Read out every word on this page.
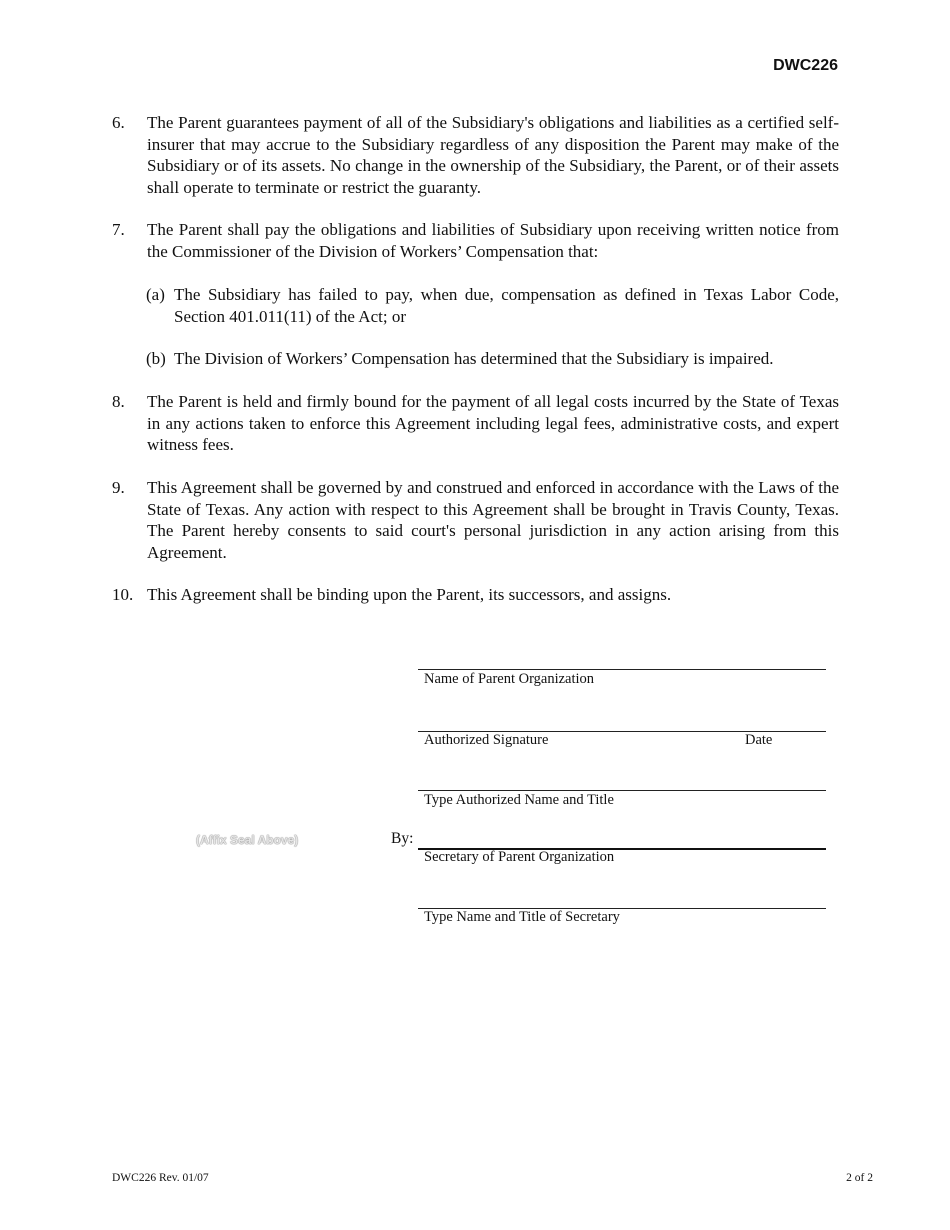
DWC226
6. The Parent guarantees payment of all of the Subsidiary's obligations and liabilities as a certified self-insurer that may accrue to the Subsidiary regardless of any disposition the Parent may make of the Subsidiary or of its assets. No change in the ownership of the Subsidiary, the Parent, or of their assets shall operate to terminate or restrict the guaranty.
7. The Parent shall pay the obligations and liabilities of Subsidiary upon receiving written notice from the Commissioner of the Division of Workers’ Compensation that:
(a) The Subsidiary has failed to pay, when due, compensation as defined in Texas Labor Code, Section 401.011(11) of the Act; or
(b) The Division of Workers’ Compensation has determined that the Subsidiary is impaired.
8. The Parent is held and firmly bound for the payment of all legal costs incurred by the State of Texas in any actions taken to enforce this Agreement including legal fees, administrative costs, and expert witness fees.
9. This Agreement shall be governed by and construed and enforced in accordance with the Laws of the State of Texas. Any action with respect to this Agreement shall be brought in Travis County, Texas. The Parent hereby consents to said court's personal jurisdiction in any action arising from this Agreement.
10. This Agreement shall be binding upon the Parent, its successors, and assigns.
Name of Parent Organization
Authorized Signature	Date
Type Authorized Name and Title
(Affix Seal Above)	By:
Secretary of Parent Organization
Type Name and Title of Secretary
DWC226 Rev. 01/07	2 of 2
